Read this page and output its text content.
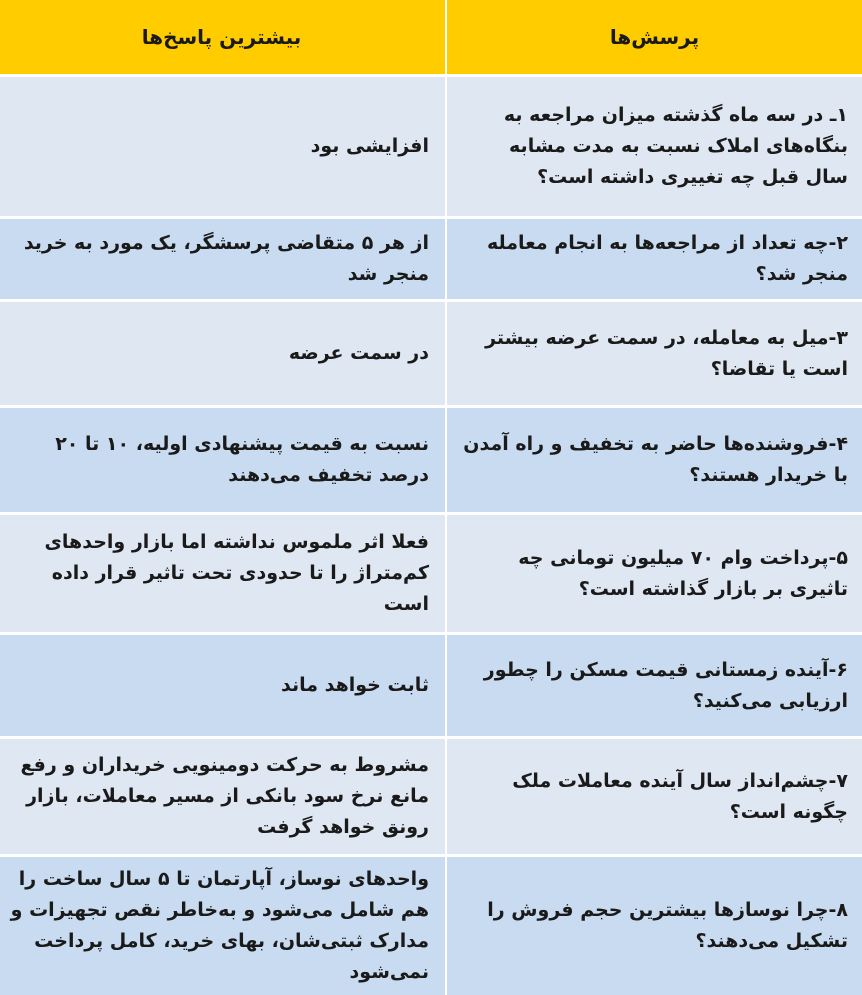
پرسش‌ها
بیشترین پاسخ‌ها
۱ـ در سه ماه گذشته میزان مراجعه به بنگاه‌های املاک نسبت به مدت مشابه سال قبل چه تغییری داشته است؟
افزایشی بود
۲-چه تعداد از مراجعه‌ها به انجام معامله منجر شد؟
از هر ۵ متقاضی پرسشگر، یک مورد به خرید منجر شد
۳-میل به معامله، در سمت عرضه بیشتر است یا تقاضا؟
در سمت عرضه
۴-فروشنده‌ها حاضر به تخفیف و راه آمدن با خریدار هستند؟
نسبت به قیمت پیشنهادی اولیه، ۱۰ تا ۲۰ درصد تخفیف می‌دهند
۵-پرداخت وام ۷۰ میلیون تومانی چه تاثیری بر بازار گذاشته است؟
فعلا اثر ملموس نداشته اما بازار واحدهای کم‌متراژ را تا حدودی تحت تاثیر قرار داده است
۶-آینده زمستانی قیمت مسکن را چطور ارزیابی می‌کنید؟
ثابت خواهد ماند
۷-چشم‌انداز سال آینده معاملات ملک چگونه است؟
مشروط به حرکت دومینویی خریداران و رفع مانع نرخ سود بانکی از مسیر معاملات، بازار رونق خواهد گرفت
۸-چرا نوسازها بیشترین حجم فروش را تشکیل می‌دهند؟
واحدهای نوساز، آپارتمان تا ۵ سال ساخت را هم شامل می‌شود و به‌خاطر نقص تجهیزات و مدارک ثبتی‌شان، بهای خرید، کامل پرداخت نمی‌شود
